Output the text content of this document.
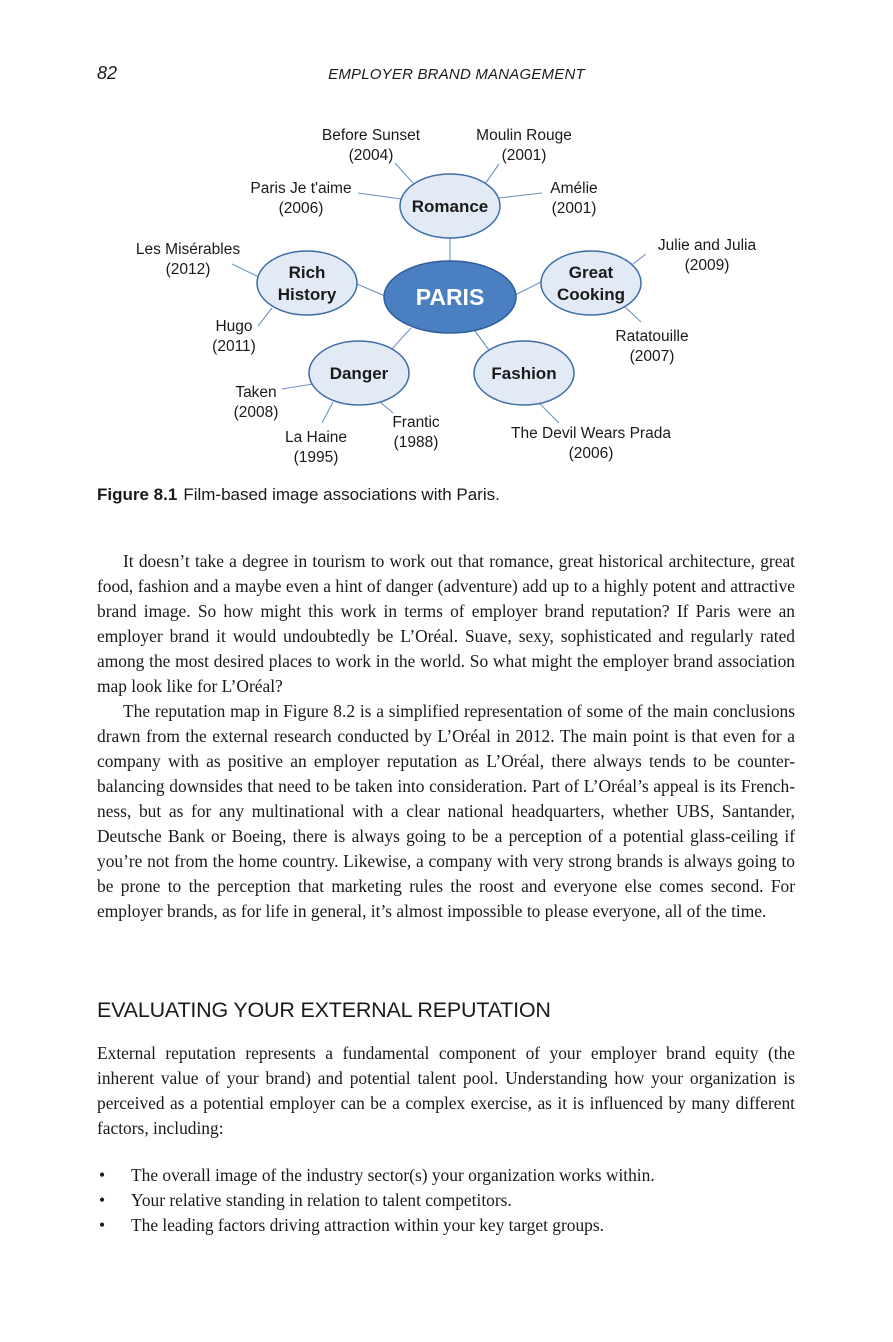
82	EMPLOYER BRAND MANAGEMENT
PARIS
Romance
Rich
History
Great
Cooking
Danger	Fashion
Before Sunset
(2004)
Moulin Rouge
(2001)
Paris Je t'aime
(2006)
Amélie
(2001)
Les Misérables
(2012)
Hugo
(2011)
Julie and Julia
(2009)
Ratatouille
(2007)
Taken
(2008)
La Haine
(1995)
Frantic
(1988)
The Devil Wears Prada
(2006)
Figure 8.1 Film-based image associations with Paris.

It doesn’t take a degree in tourism to work out that romance, great historical architecture, great food, fashion and a maybe even a hint of danger (adventure) add up to a highly potent and attractive brand image. So how might this work in terms of employer brand reputation? If Paris were an employer brand it would undoubtedly be L’Oréal. Suave, sexy, sophisticated and regularly rated among the most desired places to work in the world. So what might the employer brand association map look like for L’Oréal?

The reputation map in Figure 8.2 is a simplified representation of some of the main conclusions drawn from the external research conducted by L’Oréal in 2012. The main point is that even for a company with as positive an employer reputation as L’Oréal, there always tends to be counter-balancing downsides that need to be taken into consideration. Part of L’Oréal’s appeal is its French-ness, but as for any multinational with a clear national headquarters, whether UBS, Santander, Deutsche Bank or Boeing, there is always going to be a perception of a potential glass-ceiling if you’re not from the home country. Likewise, a company with very strong brands is always going to be prone to the perception that marketing rules the roost and everyone else comes second. For employer brands, as for life in general, it’s almost impossible to please everyone, all of the time.

EVALUATING YOUR EXTERNAL REPUTATION

External reputation represents a fundamental component of your employer brand equity (the inherent value of your brand) and potential talent pool. Understanding how your organization is perceived as a potential employer can be a complex exercise, as it is influenced by many different factors, including:

• The overall image of the industry sector(s) your organization works within.
• Your relative standing in relation to talent competitors.
• The leading factors driving attraction within your key target groups.
